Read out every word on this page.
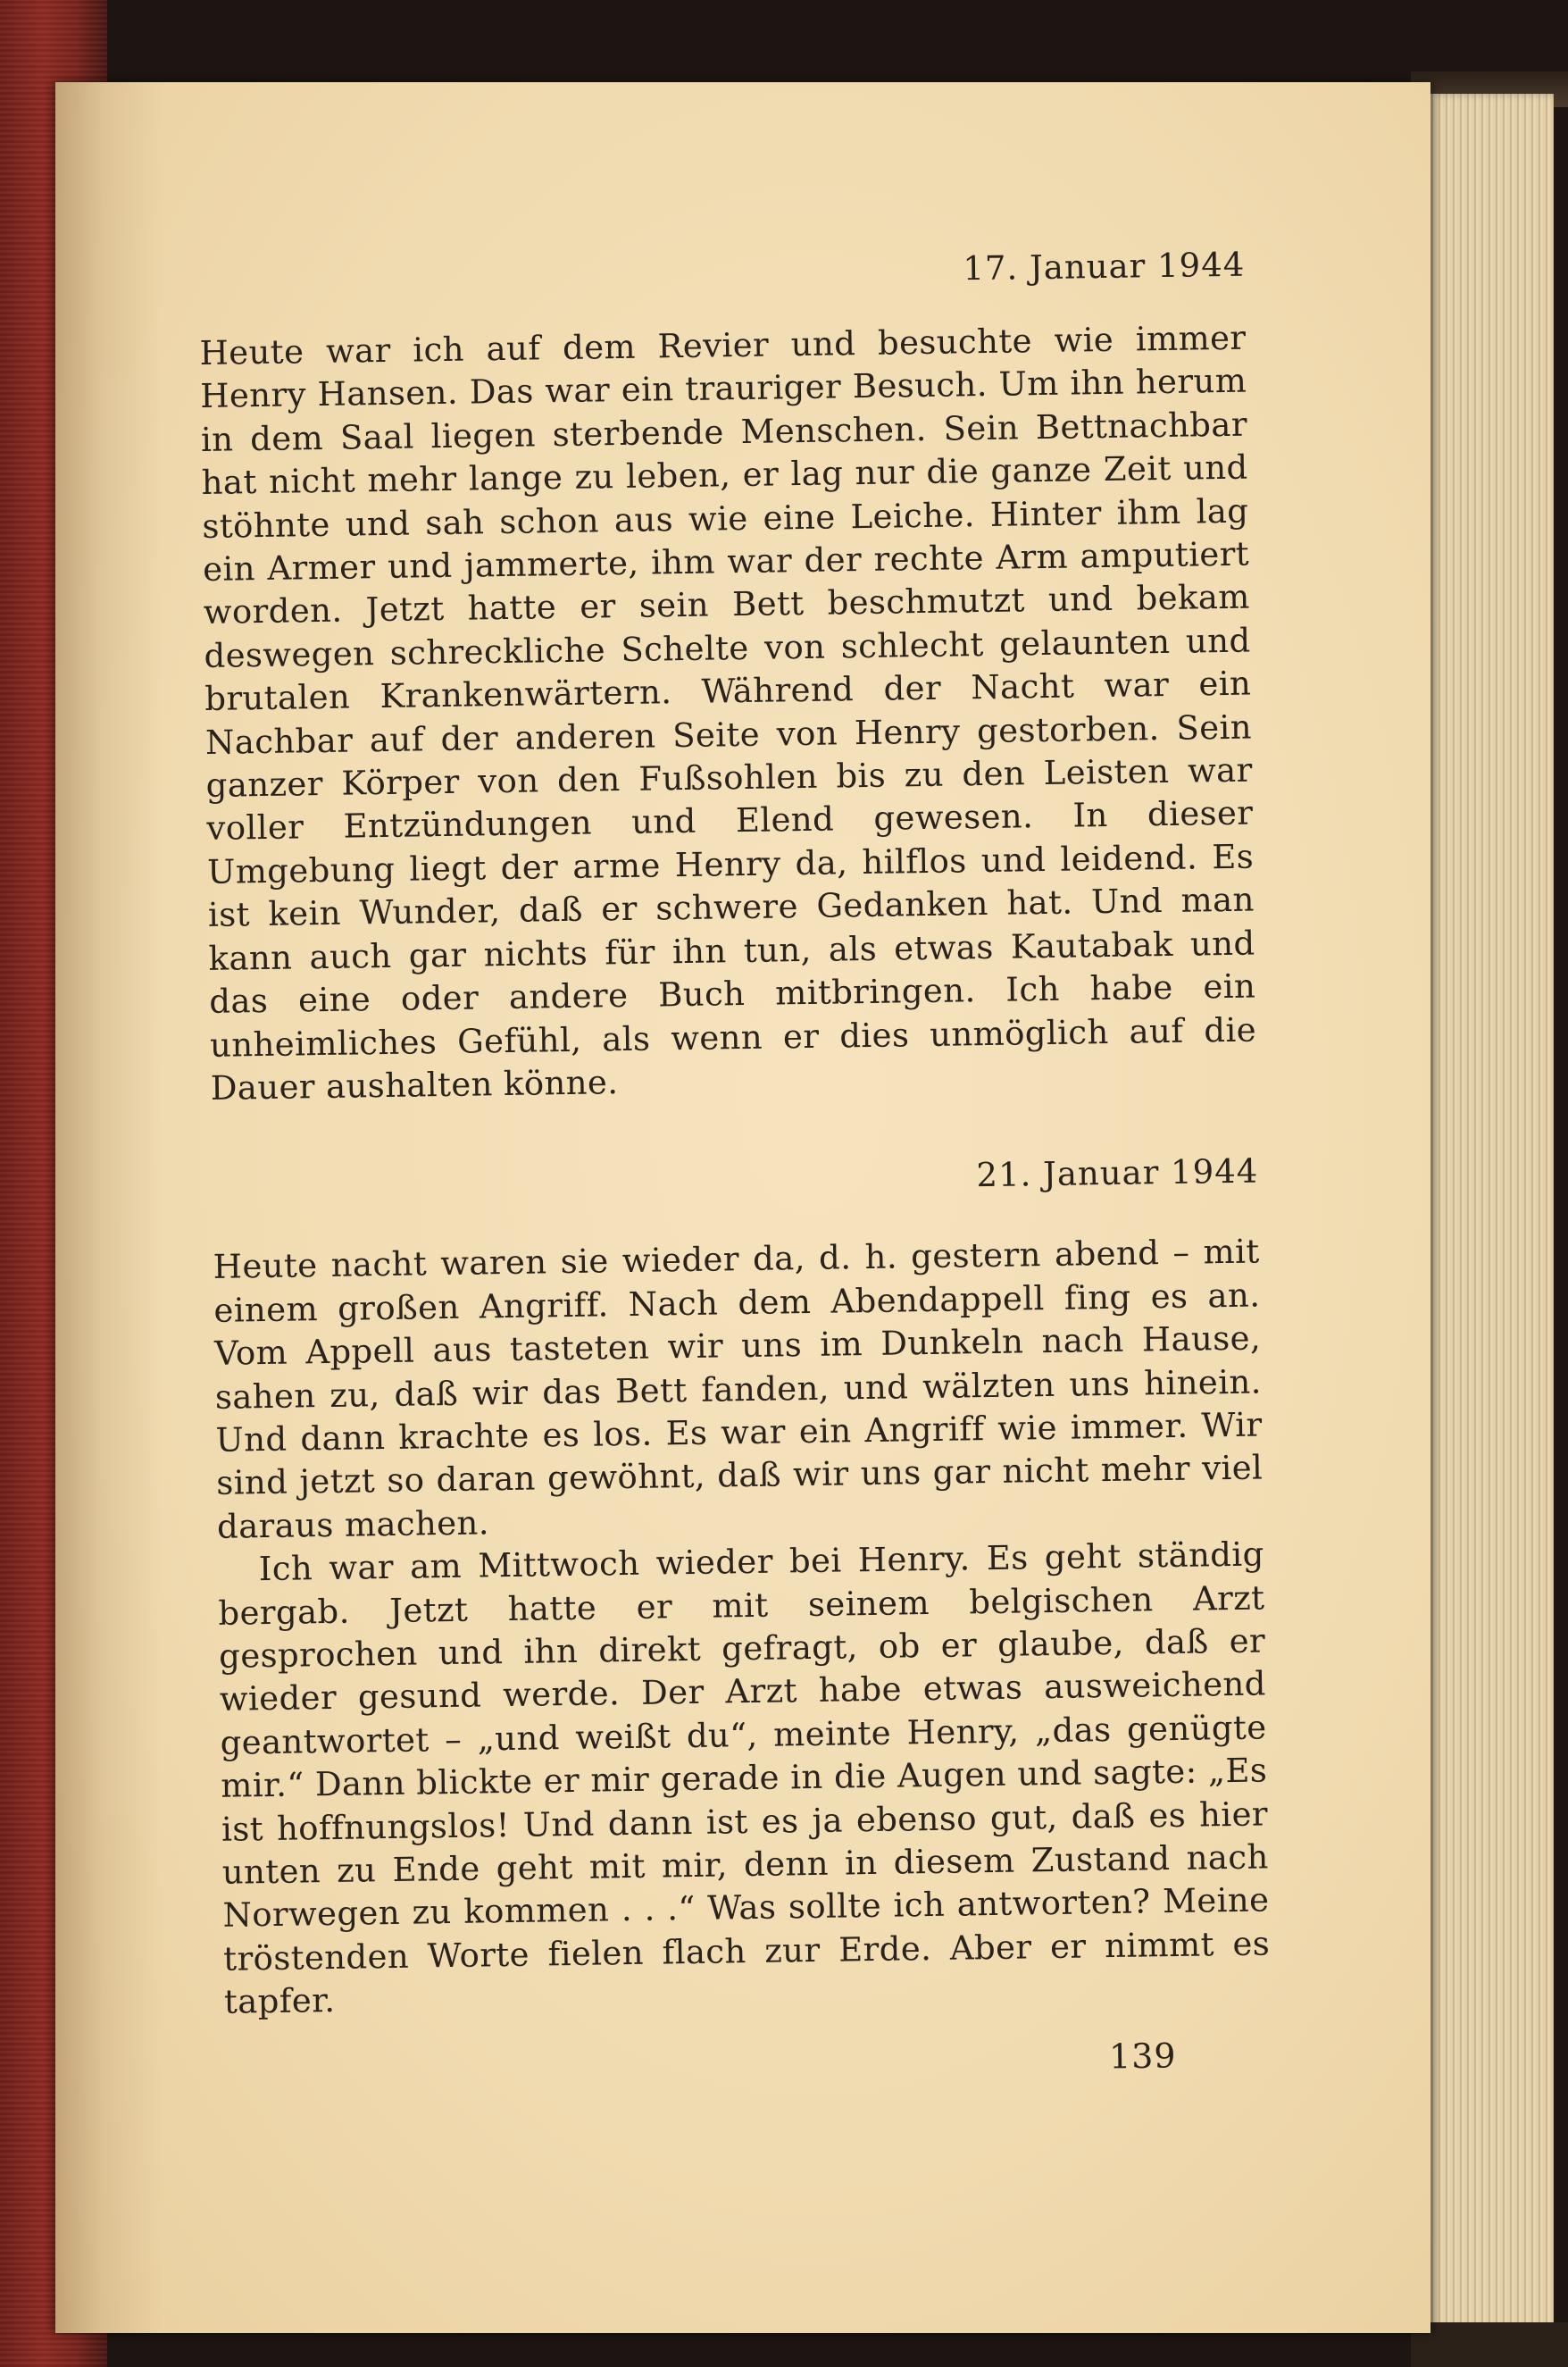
17. Januar 1944

Heute war ich auf dem Revier und besuchte wie immer Henry Hansen. Das war ein trauriger Besuch. Um ihn herum in dem Saal liegen sterbende Menschen. Sein Bettnachbar hat nicht mehr lange zu leben, er lag nur die ganze Zeit und stöhnte und sah schon aus wie eine Leiche. Hinter ihm lag ein Armer und jammerte, ihm war der rechte Arm amputiert worden. Jetzt hatte er sein Bett beschmutzt und bekam deswegen schreckliche Schelte von schlecht gelaunten und brutalen Krankenwärtern. Während der Nacht war ein Nachbar auf der anderen Seite von Henry gestorben. Sein ganzer Körper von den Fußsohlen bis zu den Leisten war voller Entzündungen und Elend gewesen. In dieser Umgebung liegt der arme Henry da, hilflos und leidend. Es ist kein Wunder, daß er schwere Gedanken hat. Und man kann auch gar nichts für ihn tun, als etwas Kautabak und das eine oder andere Buch mitbringen. Ich habe ein unheimliches Gefühl, als wenn er dies unmöglich auf die Dauer aushalten könne.

21. Januar 1944

Heute nacht waren sie wieder da, d. h. gestern abend – mit einem großen Angriff. Nach dem Abendappell fing es an. Vom Appell aus tasteten wir uns im Dunkeln nach Hause, sahen zu, daß wir das Bett fanden, und wälzten uns hinein. Und dann krachte es los. Es war ein Angriff wie immer. Wir sind jetzt so daran gewöhnt, daß wir uns gar nicht mehr viel daraus machen.

Ich war am Mittwoch wieder bei Henry. Es geht ständig bergab. Jetzt hatte er mit seinem belgischen Arzt gesprochen und ihn direkt gefragt, ob er glaube, daß er wieder gesund werde. Der Arzt habe etwas ausweichend geantwortet – „und weißt du“, meinte Henry, „das genügte mir.“ Dann blickte er mir gerade in die Augen und sagte: „Es ist hoffnungslos! Und dann ist es ja ebenso gut, daß es hier unten zu Ende geht mit mir, denn in diesem Zustand nach Norwegen zu kommen . . .“ Was sollte ich antworten? Meine tröstenden Worte fielen flach zur Erde. Aber er nimmt es tapfer.

139
